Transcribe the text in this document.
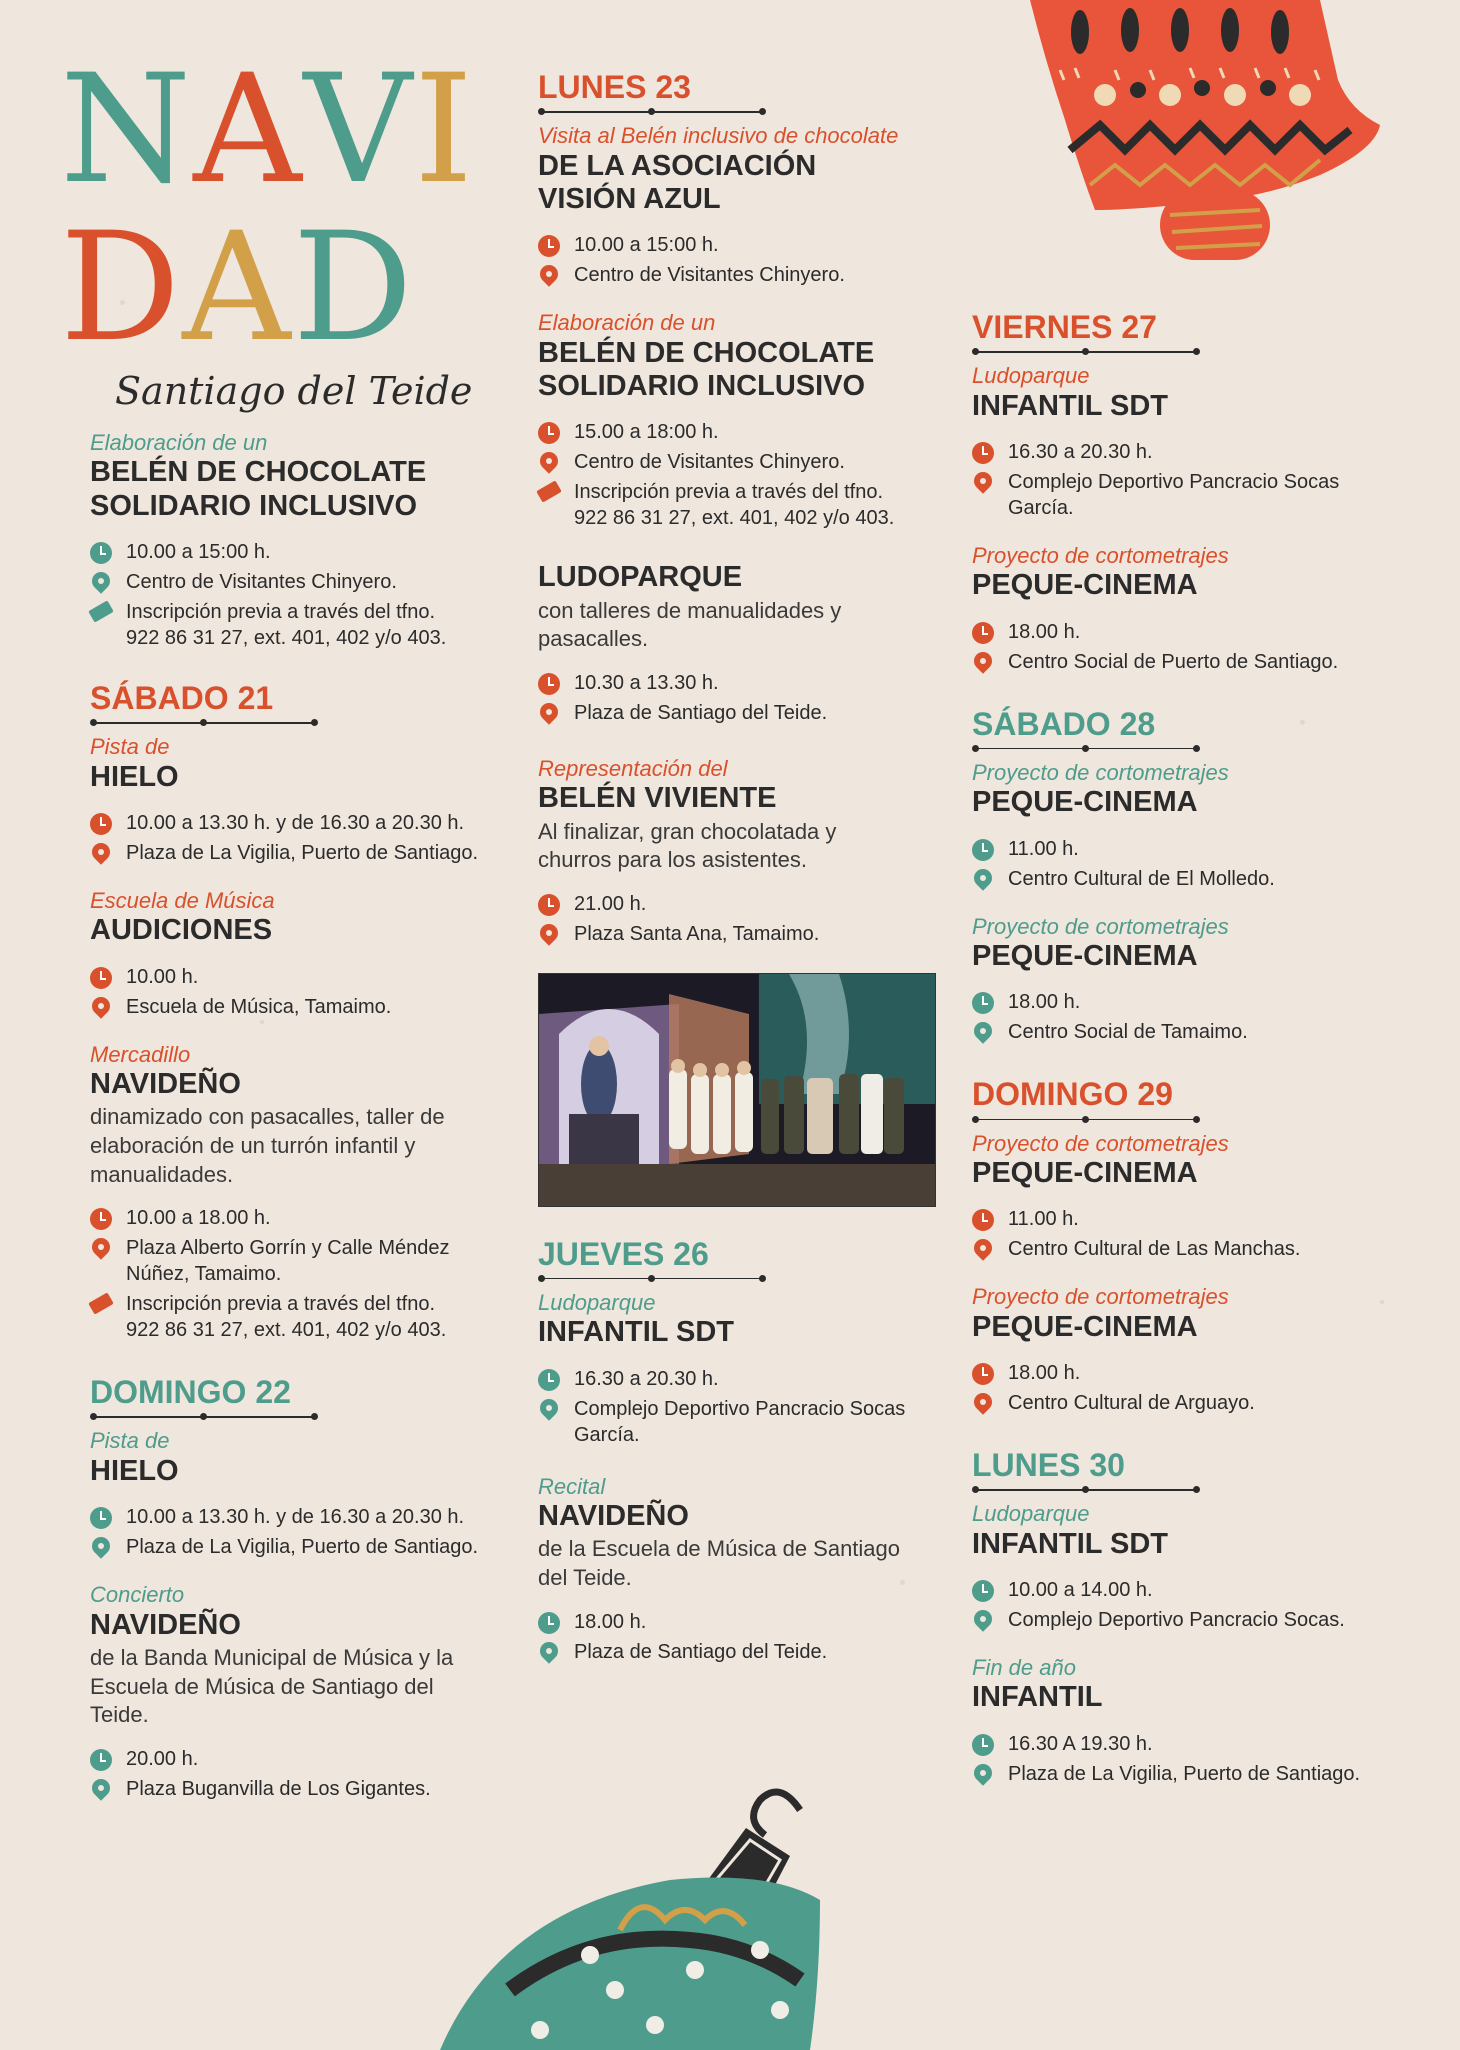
NAVI
DAD
Santiago del Teide
Elaboración de un
BELÉN DE CHOCOLATE
SOLIDARIO INCLUSIVO
10.00 a 15:00 h.
Centro de Visitantes Chinyero.
Inscripción previa a través del tfno.
922 86 31 27, ext. 401, 402 y/o 403.
SÁBADO 21
Pista de
HIELO
10.00 a 13.30 h. y de 16.30 a 20.30 h.
Plaza de La Vigilia, Puerto de Santiago.
Escuela de Música
AUDICIONES
10.00 h.
Escuela de Música, Tamaimo.
Mercadillo
NAVIDEÑO
dinamizado con pasacalles, taller de elaboración de un turrón infantil y manualidades.
10.00 a 18.00 h.
Plaza Alberto Gorrín y Calle Méndez
Núñez, Tamaimo.
Inscripción previa a través del tfno.
922 86 31 27, ext. 401, 402 y/o 403.
DOMINGO 22
Pista de
HIELO
10.00 a 13.30 h. y de 16.30 a 20.30 h.
Plaza de La Vigilia, Puerto de Santiago.
Concierto
NAVIDEÑO
de la Banda Municipal de Música y la Escuela de Música de Santiago del Teide.
20.00 h.
Plaza Buganvilla de Los Gigantes.
LUNES 23
Visita al Belén inclusivo de chocolate
DE LA ASOCIACIÓN
VISIÓN AZUL
10.00 a 15:00 h.
Centro de Visitantes Chinyero.
Elaboración de un
BELÉN DE CHOCOLATE
SOLIDARIO INCLUSIVO
15.00 a 18:00 h.
Centro de Visitantes Chinyero.
Inscripción previa a través del tfno.
922 86 31 27, ext. 401, 402 y/o 403.
LUDOPARQUE
con talleres de manualidades y pasacalles.
10.30 a 13.30 h.
Plaza de Santiago del Teide.
Representación del
BELÉN VIVIENTE
Al finalizar, gran chocolatada y churros para los asistentes.
21.00 h.
Plaza Santa Ana, Tamaimo.
JUEVES 26
Ludoparque
INFANTIL SDT
16.30 a 20.30 h.
Complejo Deportivo Pancracio Socas
García.
Recital
NAVIDEÑO
de la Escuela de Música de Santiago del Teide.
18.00 h.
Plaza de Santiago del Teide.
VIERNES 27
Ludoparque
INFANTIL SDT
16.30 a 20.30 h.
Complejo Deportivo Pancracio Socas
García.
Proyecto de cortometrajes
PEQUE-CINEMA
18.00 h.
Centro Social de Puerto de Santiago.
SÁBADO 28
Proyecto de cortometrajes
PEQUE-CINEMA
11.00 h.
Centro Cultural de El Molledo.
Proyecto de cortometrajes
PEQUE-CINEMA
18.00 h.
Centro Social de Tamaimo.
DOMINGO 29
Proyecto de cortometrajes
PEQUE-CINEMA
11.00 h.
Centro Cultural de Las Manchas.
Proyecto de cortometrajes
PEQUE-CINEMA
18.00 h.
Centro Cultural de Arguayo.
LUNES 30
Ludoparque
INFANTIL SDT
10.00 a 14.00 h.
Complejo Deportivo Pancracio Socas.
Fin de año
INFANTIL
16.30 A 19.30 h.
Plaza de La Vigilia, Puerto de Santiago.
